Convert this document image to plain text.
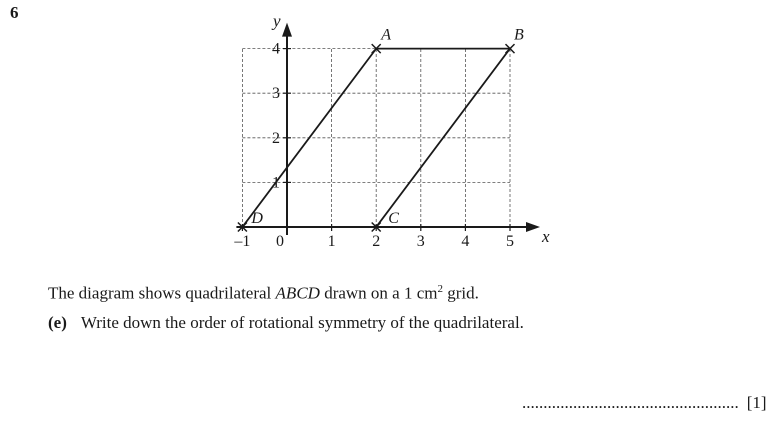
6
–1 0	1 2 3 4 5
1
2
3
4
x
y
A	B
C
D
The diagram shows quadrilateral ABCD drawn on a 1 $cm^2$ grid.
(e) Write down the order of rotational symmetry of the quadrilateral.
................................................... [1]
